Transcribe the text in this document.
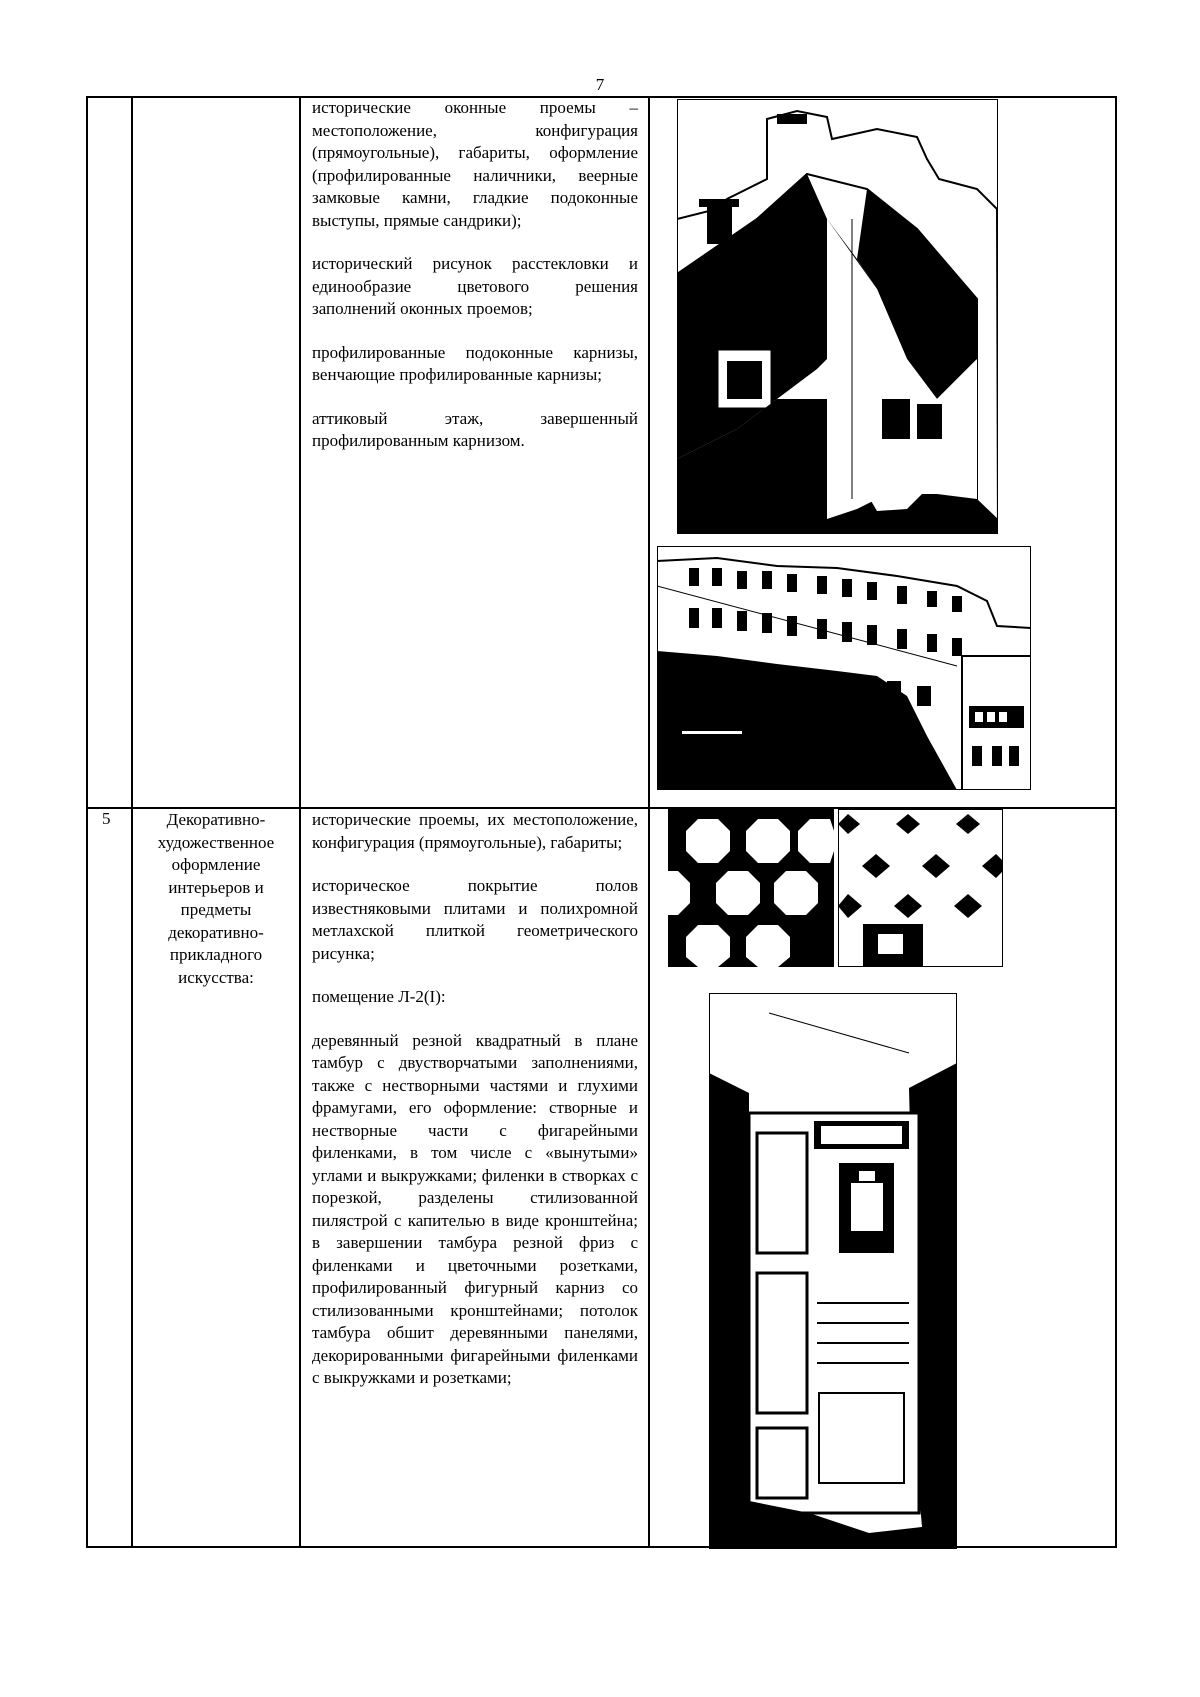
7

исторические оконные проемы – местоположение, конфигурация (прямоугольные), габариты, оформление (профилированные наличники, веерные замковые камни, гладкие подоконные выступы, прямые сандрики);

исторический рисунок расстекловки и единообразие цветового решения заполнений оконных проемов;

профилированные подоконные карнизы, венчающие профилированные карнизы;

аттиковый этаж, завершенный профилированным карнизом.

5	Декоративно-художественное оформление интерьеров и предметы декоративно-прикладного искусства:

исторические проемы, их местоположение, конфигурация (прямоугольные), габариты;

историческое покрытие полов известняковыми плитами и полихромной метлахской плиткой геометрического рисунка;

помещение Л-2(I):

деревянный резной квадратный в плане тамбур с двустворчатыми заполнениями, также с нестворными частями и глухими фрамугами, его оформление: створные и нестворные части с фигарейными филенками, в том числе с «вынутыми» углами и выкружками; филенки в створках с порезкой, разделены стилизованной пилястрой с капителью в виде кронштейна; в завершении тамбура резной фриз с филенками и цветочными розетками, профилированный фигурный карниз со стилизованными кронштейнами; потолок тамбура обшит деревянными панелями, декорированными фигарейными филенками с выкружками и розетками;
